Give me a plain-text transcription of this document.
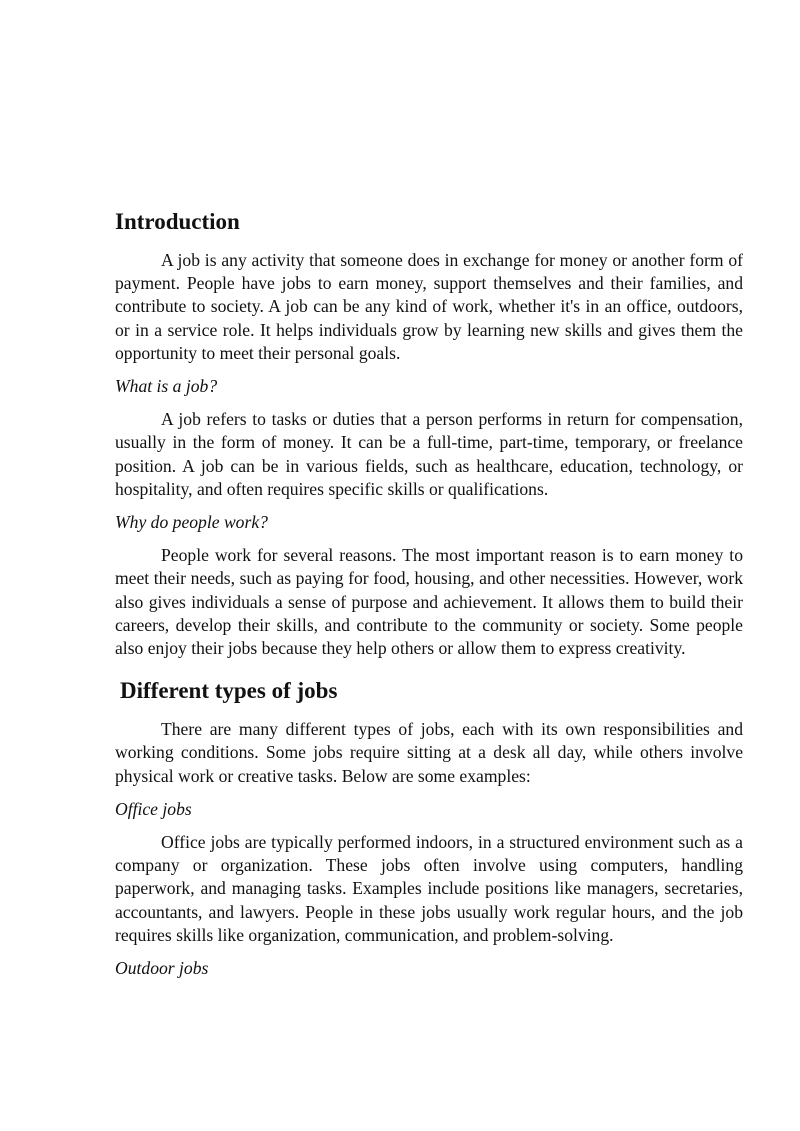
Introduction

A job is any activity that someone does in exchange for money or another form of payment. People have jobs to earn money, support themselves and their families, and contribute to society. A job can be any kind of work, whether it's in an office, outdoors, or in a service role. It helps individuals grow by learning new skills and gives them the opportunity to meet their personal goals.

What is a job?

A job refers to tasks or duties that a person performs in return for compensation, usually in the form of money. It can be a full-time, part-time, temporary, or freelance position. A job can be in various fields, such as healthcare, education, technology, or hospitality, and often requires specific skills or qualifications.

Why do people work?

People work for several reasons. The most important reason is to earn money to meet their needs, such as paying for food, housing, and other necessities. However, work also gives individuals a sense of purpose and achievement. It allows them to build their careers, develop their skills, and contribute to the community or society. Some people also enjoy their jobs because they help others or allow them to express creativity.

Different types of jobs

There are many different types of jobs, each with its own responsibilities and working conditions. Some jobs require sitting at a desk all day, while others involve physical work or creative tasks. Below are some examples:

Office jobs

Office jobs are typically performed indoors, in a structured environment such as a company or organization. These jobs often involve using computers, handling paperwork, and managing tasks. Examples include positions like managers, secretaries, accountants, and lawyers. People in these jobs usually work regular hours, and the job requires skills like organization, communication, and problem-solving.

Outdoor jobs
